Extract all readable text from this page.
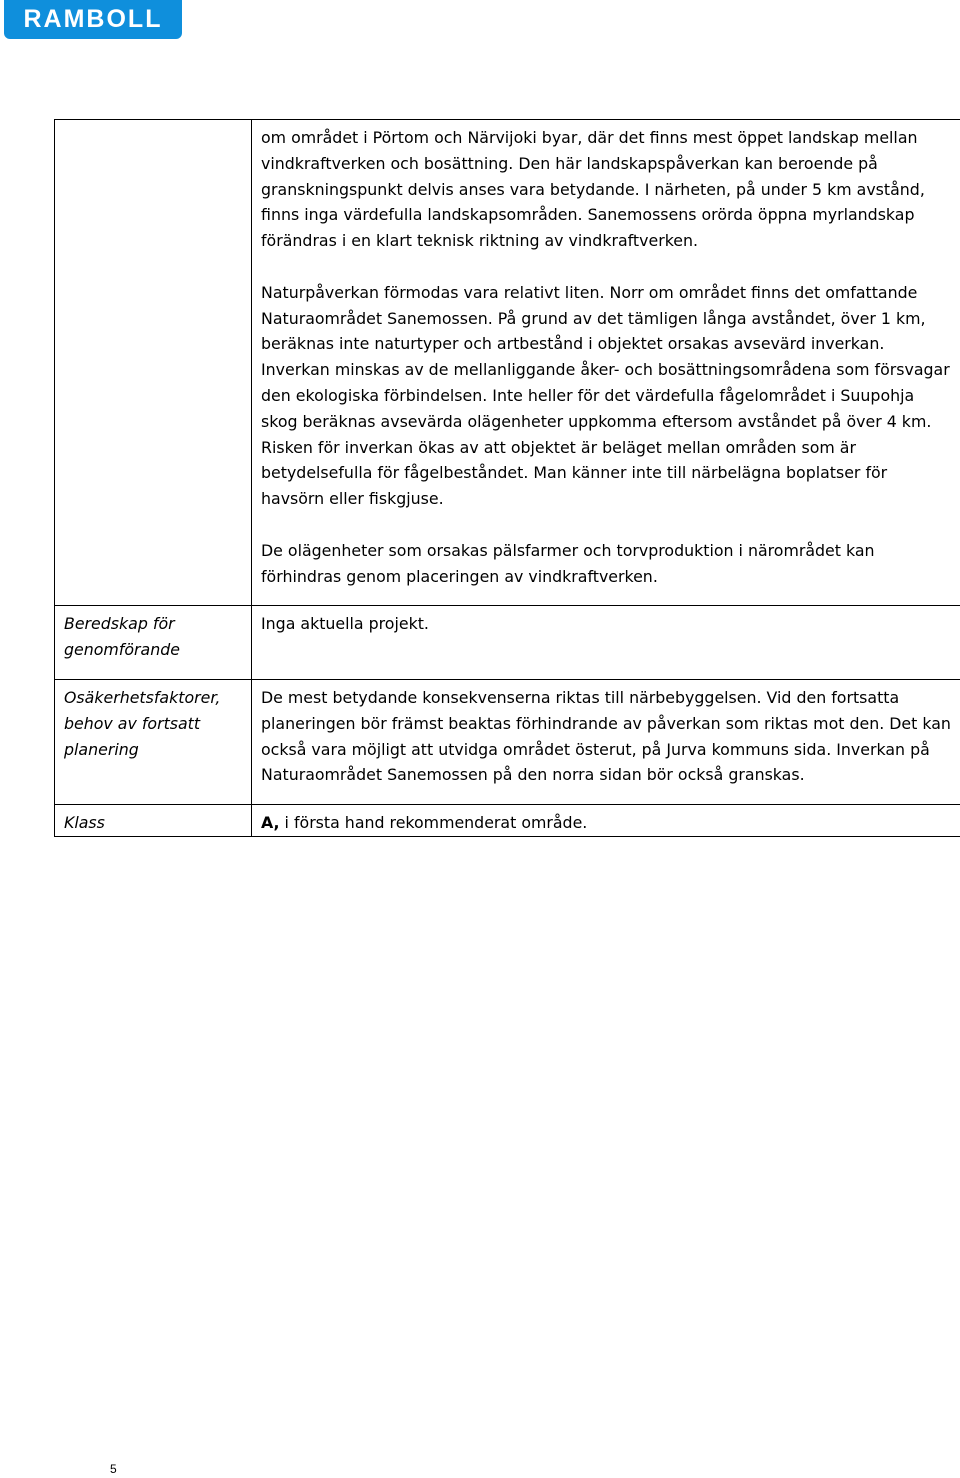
RAMBOLL

	om området i Pörtom och Närvijoki byar, där det finns mest öppet landskap mellan vindkraftverken och bosättning. Den här landskapspåverkan kan beroende på granskningspunkt delvis anses vara betydande. I närheten, på under 5 km avstånd, finns inga värdefulla landskapsområden. Sanemossens orörda öppna myrlandskap förändras i en klart teknisk riktning av vindkraftverken.

Naturpåverkan förmodas vara relativt liten. Norr om området finns det omfattande Naturaområdet Sanemossen. På grund av det tämligen långa avståndet, över 1 km, beräknas inte naturtyper och artbestånd i objektet orsakas avsevärd inverkan. Inverkan minskas av de mellanliggande åker- och bosättningsområdena som försvagar den ekologiska förbindelsen. Inte heller för det värdefulla fågelområdet i Suupohja skog beräknas avsevärda olägenheter uppkomma eftersom avståndet på över 4 km. Risken för inverkan ökas av att objektet är beläget mellan områden som är betydelsefulla för fågelbeståndet. Man känner inte till närbelägna boplatser för havsörn eller fiskgjuse.

De olägenheter som orsakas pälsfarmer och torvproduktion i närområdet kan förhindras genom placeringen av vindkraftverken.

Beredskap för genomförande	Inga aktuella projekt.

Osäkerhetsfaktorer, behov av fortsatt planering	De mest betydande konsekvenserna riktas till närbebyggelsen. Vid den fortsatta planeringen bör främst beaktas förhindrande av påverkan som riktas mot den. Det kan också vara möjligt att utvidga området österut, på Jurva kommuns sida. Inverkan på Naturaområdet Sanemossen på den norra sidan bör också granskas.

Klass	A, i första hand rekommenderat område.
5
